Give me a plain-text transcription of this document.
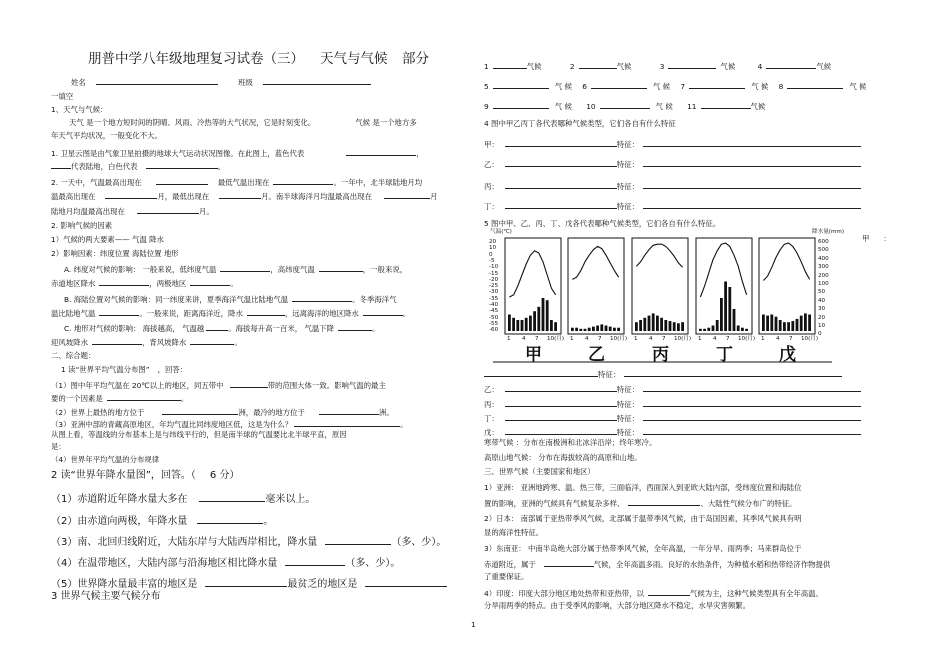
朋普中学八年级地理复习试卷（三） 天气与气候 部分
姓名	班级
一填空
1、天气与气候：
天气 是一个地方短时间的阴晴、风雨、冷热等的大气状况，它是时刻变化。	气候 是一个地方多
年天气平均状况，一般变化不大。
1. 卫星云图是由气象卫星拍摄的地球大气运动状况图像。在此图上，蓝色代表	，
代表陆地，白色代表	。
2. 一天中，气温最高出现在	最低气温出现在	。一年中，北半球陆地月均
温最高出现在	月，最低出现在	月。南半球海洋月均温最高出现在	月
陆地月均温最高出现在	月。
2. 影响气候的因素
1）气候的两大要素—— 气温 降水
2）影响因素：纬度位置 海陆位置 地形
A. 纬度对气候的影响： 一般来说，低纬度气温	，高纬度气温	，一般来说，
赤道地区降水	，两极地区	。
B. 海陆位置对气候的影响：同一纬度来讲，夏季海洋气温比陆地气温	。冬季海洋气
温比陆地气温	。一般来说，距离海洋近，降水	，远离海洋的地区降水	。
C. 地形对气候的影响： 海拔越高， 气温越	。海拔每升高一百米， 气温下降	。
迎风坡降水	，背风坡降水	。
二、综合题：
1 读“世界平均气温分布图” ，回答：
（1）图中年平均气温在 20℃以上的地区，同五带中	带的范围大体一致。影响气温的最主
要的一个因素是	。
（2）世界上最热的地方位于	洲，最冷的地方位于	洲。
（3）亚洲中部的青藏高原地区，年均气温比同纬度地区低，这是为什么？	。
从图上看，等温线的分布基本上是与纬线平行的，但是南半球的气温要比北半球平直，原因
是：
（4）世界年平均气温的分布规律
2 读“世界年降水量图”，回答。（ 6 分）
（1）赤道附近年降水量大多在	毫米以上。
（2）由赤道向两极，年降水量	。
（3）南、北回归线附近，大陆东岸与大陆西岸相比，降水量	（多、少）。
（4）在温带地区，大陆内部与沿海地区相比降水量	（多、少）。
（5）世界降水量最丰富的地区是	最贫乏的地区是
3 世界气候主要气候分布
1	气候	2	气候	3	气候	4	气候
5	气 候 6	气 候 7	气 候 8	气 候
9	气 候 10	气 候 11	气候
4 图中甲乙丙丁各代表哪种气候类型，它们各自有什么特征
甲：	特征：
乙：	特征：
丙：	特征：
丁：	特征：
5 图中甲、乙、丙、丁、戊各代表哪种气候类型，它们各自有什么特征。
甲 ：
气温(℃)	降水量(mm)
20
10
0
-5
-10
-15
-20
-25
-30
-35
-40
-45
-50
-55
-60
600
500
400
300
200
100
50
40
30
20
10
0
1 4 7 10(月)
甲
1 4 7 10(月)
乙
1 4 7 10(月)
丙
1 4 7 10(月)
丁
1 4 7 10(月)
戊
特征：
乙：	特征：
丙：	特征：
丁：	特征：
戊：	特征：
寒带气候 ：分布在南极洲和北冰洋沿岸；终年寒冷。
高原山地气候： 分布在海拔较高的高原和山地。
三、世界气候（主要国家和地区）
1）亚洲： 亚洲地跨寒、温、热三带，三面临洋，西面深入到亚欧大陆内部，受纬度位置和海陆位
置的影响，亚洲的气候具有气候复杂多样、	、大陆性气候分布广的特征。
2）日本： 南部属于亚热带季风气候，北部属于温带季风气候，由于岛国因素，其季风气候具有明
显的海洋性特征。
3）东南亚： 中南半岛绝大部分属于热带季风气候，全年高温，一年分旱、雨两季；马来群岛位于
赤道附近，属于	气候，全年高温多雨。良好的水热条件，为种植水稻和热带经济作物提供
了重要保证。
4）印度：印度大部分地区地处热带和亚热带，以	气候为主，这种气候类型具有全年高温、
分旱雨两季的特点。由于受季风的影响，大部分地区降水不稳定，水旱灾害频繁。
1
